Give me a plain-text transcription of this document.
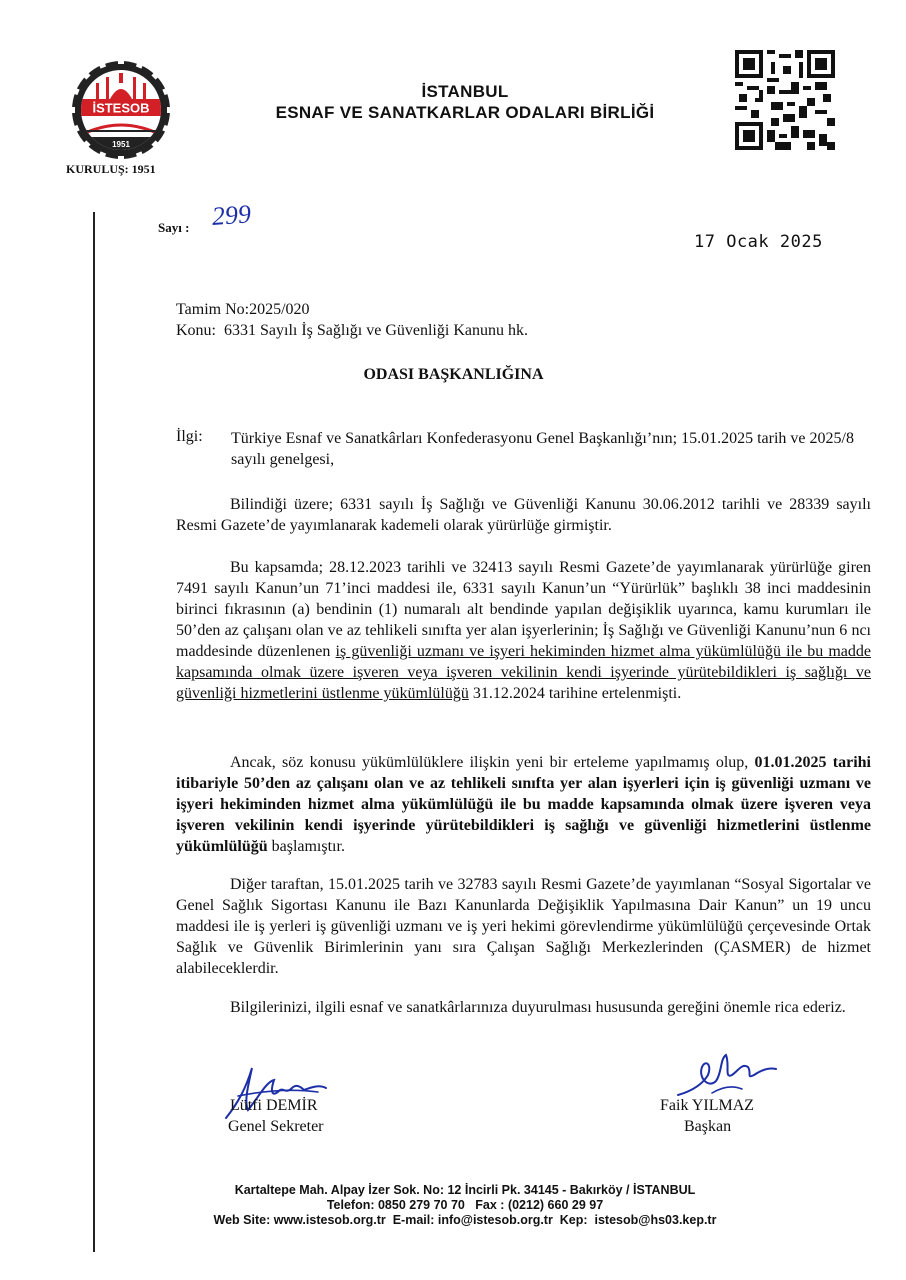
İSTESOB
1951
KURULUŞ: 1951
İSTANBUL
ESNAF VE SANATKARLAR ODALARI BİRLİĞİ
Sayı : 299
17 Ocak 2025
Tamim No:2025/020
Konu:  6331 Sayılı İş Sağlığı ve Güvenliği Kanunu hk.
ODASI BAŞKANLIĞINA
İlgi: Türkiye Esnaf ve Sanatkârları Konfederasyonu Genel Başkanlığı’nın; 15.01.2025 tarih ve 2025/8 sayılı genelgesi,
Bilindiği üzere; 6331 sayılı İş Sağlığı ve Güvenliği Kanunu 30.06.2012 tarihli ve 28339 sayılı Resmi Gazete’de yayımlanarak kademeli olarak yürürlüğe girmiştir.
Bu kapsamda; 28.12.2023 tarihli ve 32413 sayılı Resmi Gazete’de yayımlanarak yürürlüğe giren 7491 sayılı Kanun’un 71’inci maddesi ile, 6331 sayılı Kanun’un “Yürürlük” başlıklı 38 inci maddesinin birinci fıkrasının (a) bendinin (1) numaralı alt bendinde yapılan değişiklik uyarınca, kamu kurumları ile 50’den az çalışanı olan ve az tehlikeli sınıfta yer alan işyerlerinin; İş Sağlığı ve Güvenliği Kanunu’nun 6 ncı maddesinde düzenlenen iş güvenliği uzmanı ve işyeri hekiminden hizmet alma yükümlülüğü ile bu madde kapsamında olmak üzere işveren veya işveren vekilinin kendi işyerinde yürütebildikleri iş sağlığı ve güvenliği hizmetlerini üstlenme yükümlülüğü 31.12.2024 tarihine ertelenmişti.
Ancak, söz konusu yükümlülüklere ilişkin yeni bir erteleme yapılmamış olup, 01.01.2025 tarihi itibariyle 50’den az çalışanı olan ve az tehlikeli sınıfta yer alan işyerleri için iş güvenliği uzmanı ve işyeri hekiminden hizmet alma yükümlülüğü ile bu madde kapsamında olmak üzere işveren veya işveren vekilinin kendi işyerinde yürütebildikleri iş sağlığı ve güvenliği hizmetlerini üstlenme yükümlülüğü başlamıştır.
Diğer taraftan, 15.01.2025 tarih ve 32783 sayılı Resmi Gazete’de yayımlanan “Sosyal Sigortalar ve Genel Sağlık Sigortası Kanunu ile Bazı Kanunlarda Değişiklik Yapılmasına Dair Kanun” un 19 uncu maddesi ile iş yerleri iş güvenliği uzmanı ve iş yeri hekimi görevlendirme yükümlülüğü çerçevesinde Ortak Sağlık ve Güvenlik Birimlerinin yanı sıra Çalışan Sağlığı Merkezlerinden (ÇASMER) de hizmet alabileceklerdir.
Bilgilerinizi, ilgili esnaf ve sanatkârlarınıza duyurulması hususunda gereğini önemle rica ederiz.
Lütfi DEMİR
Genel Sekreter
Faik YILMAZ
Başkan
Kartaltepe Mah. Alpay İzer Sok. No: 12 İncirli Pk. 34145 - Bakırköy / İSTANBUL
Telefon: 0850 279 70 70   Fax : (0212) 660 29 97
Web Site: www.istesob.org.tr  E-mail: info@istesob.org.tr  Kep:  istesob@hs03.kep.tr
